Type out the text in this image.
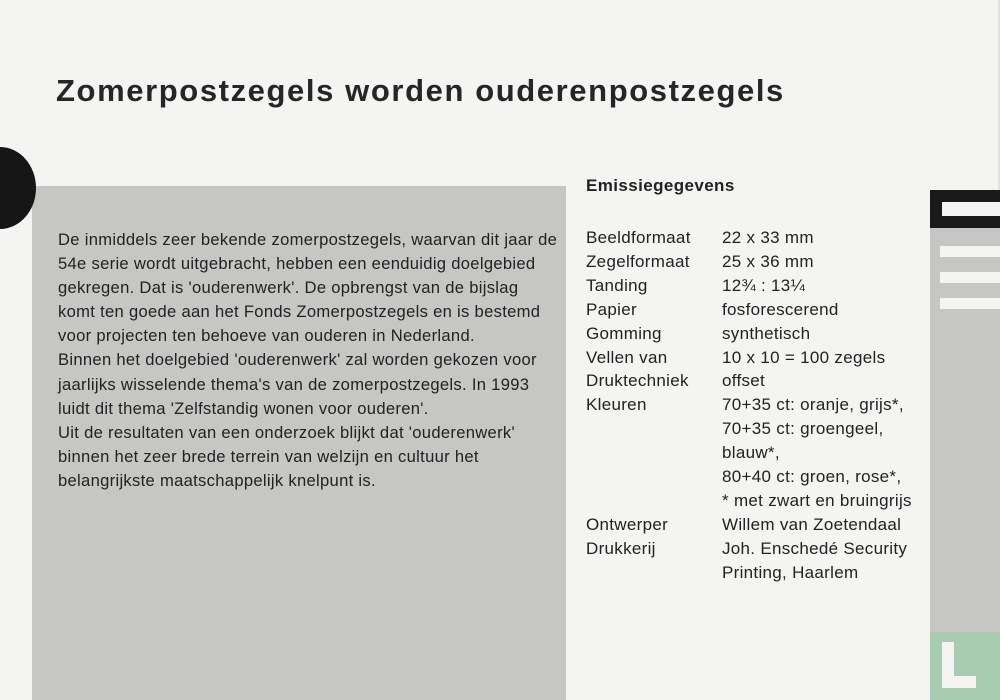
Zomerpostzegels worden ouderenpostzegels
Emissiegegevens

De inmiddels zeer bekende zomerpostzegels, waarvan dit jaar de 54e serie wordt uitgebracht, hebben een eenduidig doelgebied gekregen. Dat is 'ouderenwerk'. De opbrengst van de bijslag komt ten goede aan het Fonds Zomerpostzegels en is bestemd voor projecten ten behoeve van ouderen in Nederland.
Binnen het doelgebied 'ouderenwerk' zal worden gekozen voor jaarlijks wisselende thema's van de zomerpostzegels. In 1993 luidt dit thema 'Zelfstandig wonen voor ouderen'.
Uit de resultaten van een onderzoek blijkt dat 'ouderenwerk' binnen het zeer brede terrein van welzijn en cultuur het belangrijkste maatschappelijk knelpunt is.

Beeldformaat	22 x 33 mm
Zegelformaat	25 x 36 mm
Tanding	12¾ : 13¼
Papier	fosforescerend
Gomming	synthetisch
Vellen van	10 x 10 = 100 zegels
Druktechniek	offset
Kleuren	70+35 ct: oranje, grijs*,
70+35 ct: groengeel,
blauw*,
80+40 ct: groen, rose*,
* met zwart en bruingrijs
Ontwerper	Willem van Zoetendaal
Drukkerij	Joh. Enschedé Security
Printing, Haarlem
